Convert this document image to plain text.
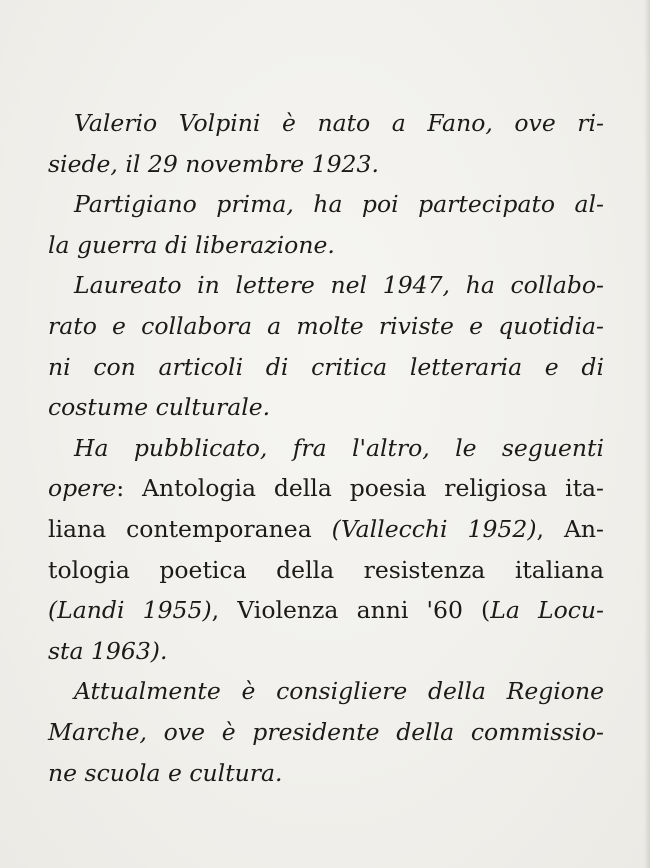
Valerio Volpini è nato a Fano, ove ri-
siede, il 29 novembre 1923.
Partigiano prima, ha poi partecipato al-
la guerra di liberazione.
Laureato in lettere nel 1947, ha collabo-
rato e collabora a molte riviste e quotidia-
ni con articoli di critica letteraria e di
costume culturale.
Ha pubblicato, fra l'altro, le seguenti
opere: Antologia della poesia religiosa ita-
liana contemporanea (Vallecchi 1952), An-
tologia poetica della resistenza italiana
(Landi 1955), Violenza anni '60 (La Locu-
sta 1963).
Attualmente è consigliere della Regione
Marche, ove è presidente della commissio-
ne scuola e cultura.
